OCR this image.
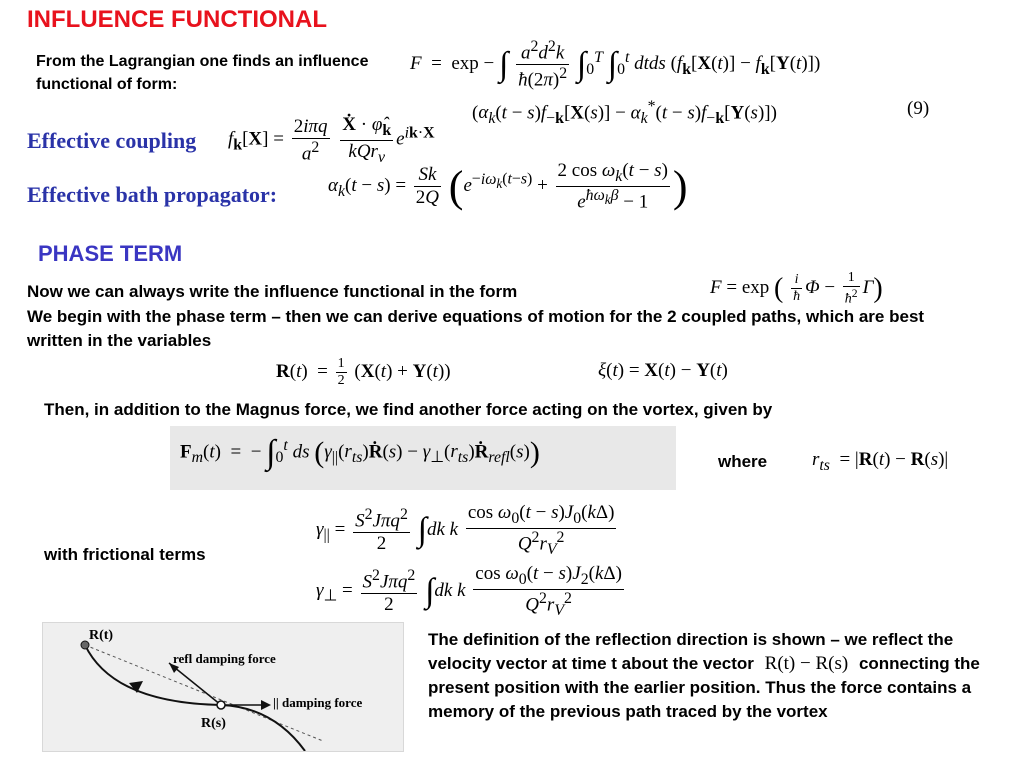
INFLUENCE FUNCTIONAL
From the Lagrangian one finds an influence functional of form:
F  =  exp − ∫ $\frac{a^2d^2k}{ħ(2\pi)^2} \int_0^T$ $\int_0^t$ dtds $(f_k[X(t)] - f_k[Y(t)])$
$(\alpha_k(t - s)f_{-k}[X(s)] - \alpha_k^*(t - s)f_{-k}[Y(s)])$	(9)
Effective coupling $f_k[X] = \frac{\text{2iπq}}{a^2}$
$\frac{Ẋ \cdot \varphî_k}{kQr_v} e^{ik\cdot X}$
Effective bath propagator:	$\alpha_k(t - s) = \frac{Sk}{2Q} (e^{-i\omega_k(t-s)} + \frac{2 \cos \omega_k(t - s)}{e^{ħ\omega_k\beta} - 1}$ )
PHASE TERM
Now we can always write the influence functional in the form	F = exp ( $\frac{i}{ħ}$ $\Phi - \frac{1}{ħ^2} \Gamma$)
We begin with the phase term – then we can derive equations of motion for the 2 coupled paths, which are best written in the variables
$R(t) = \frac{1}{2} (X(t) + Y(t))$	ξ(t) = X(t) − Y(t)
Then, in addition to the Magnus force, we find another force acting on the vortex, given by
$F_m(t)$  =  − $\int_0^t$ ds ($\gamma_{||}(r_{ts})Ṙ(s)$ − $\gamma_\perp(r_{ts})Ṙ_{refl}(s)$)	where $r_{ts} = |R(t) - R(s)|$
with frictional terms
$\gamma_{||} = \frac{S^2J\pi q^2}{2} \int dk$ k $\frac{\cos \omega_0(t - s)J_0(k\Delta)}{Q^2r_V^2}$
$\gamma_\perp = \frac{S^2J\pi q^2}{2} \int dk$ k $\frac{\cos \omega_0(t - s)J_2(k\Delta)}{Q^2r_V^2}$
R(t)
R(s)
refl damping force
|| damping force
The definition of the reflection direction is shown – we reflect the velocity vector at time t about the vector R(t) − R(s) connecting the present position with the earlier position. Thus the force contains a memory of the previous path traced by the vortex
